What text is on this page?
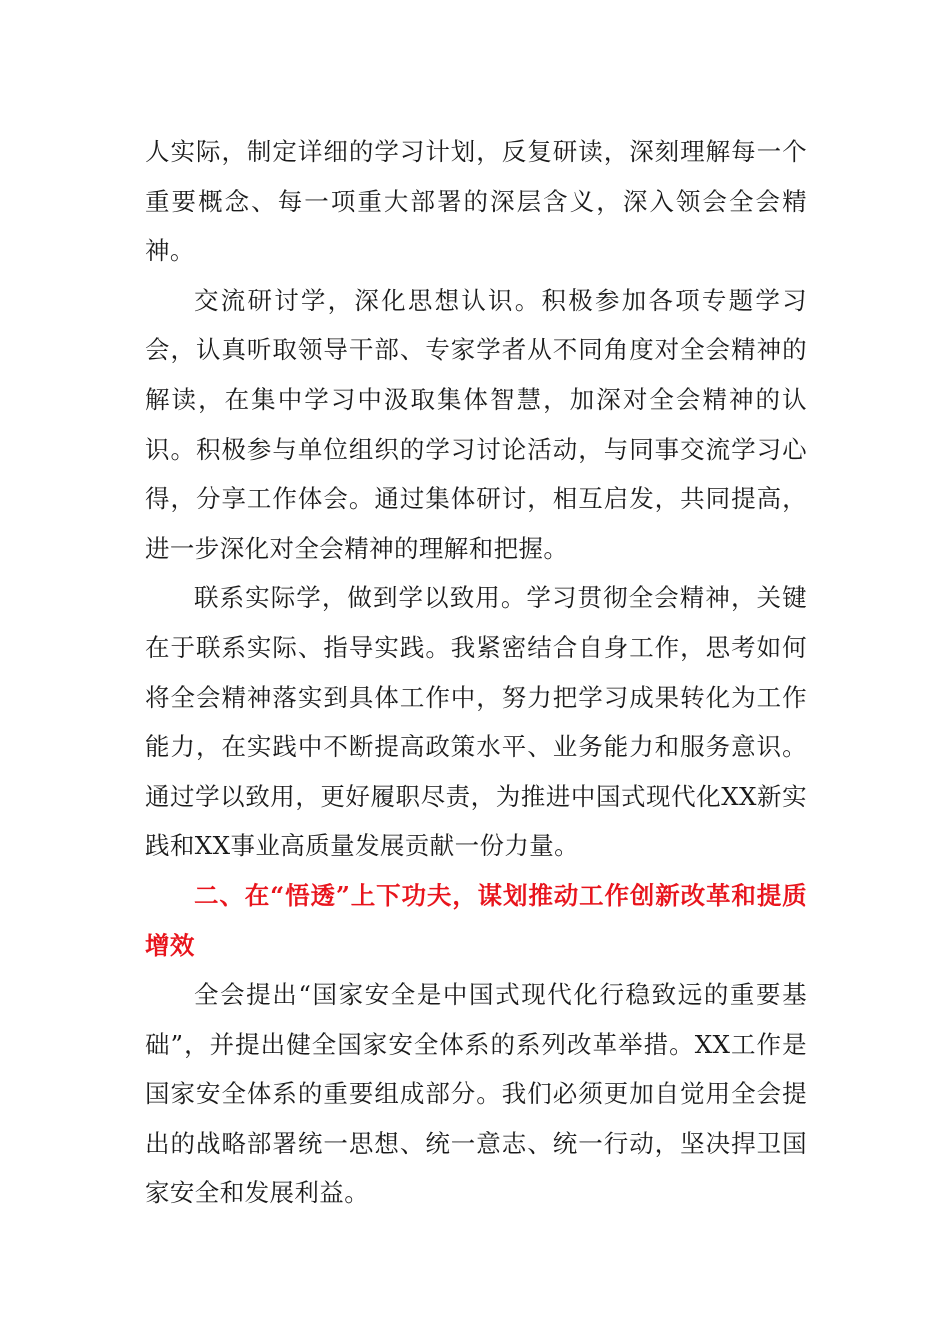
人实际，制定详细的学习计划，反复研读，深刻理解每一个重要概念、每一项重大部署的深层含义，深入领会全会精神。

交流研讨学，深化思想认识。积极参加各项专题学习会，认真听取领导干部、专家学者从不同角度对全会精神的解读，在集中学习中汲取集体智慧，加深对全会精神的认识。积极参与单位组织的学习讨论活动，与同事交流学习心得，分享工作体会。通过集体研讨，相互启发，共同提高，进一步深化对全会精神的理解和把握。

联系实际学，做到学以致用。学习贯彻全会精神，关键在于联系实际、指导实践。我紧密结合自身工作，思考如何将全会精神落实到具体工作中，努力把学习成果转化为工作能力，在实践中不断提高政策水平、业务能力和服务意识。通过学以致用，更好履职尽责，为推进中国式现代化XX新实践和XX事业高质量发展贡献一份力量。

二、在“悟透”上下功夫，谋划推动工作创新改革和提质增效

全会提出“国家安全是中国式现代化行稳致远的重要基础”，并提出健全国家安全体系的系列改革举措。XX工作是国家安全体系的重要组成部分。我们必须更加自觉用全会提出的战略部署统一思想、统一意志、统一行动，坚决捍卫国家安全和发展利益。
